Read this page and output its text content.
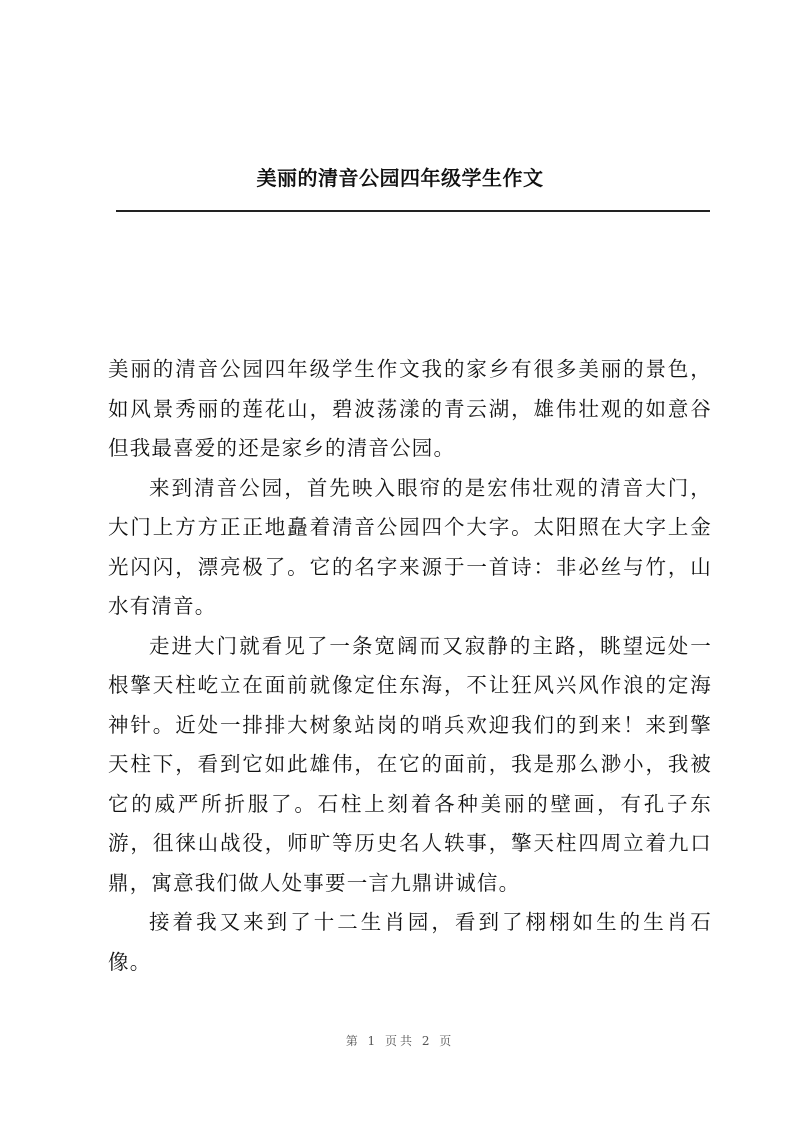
美丽的清音公园四年级学生作文

美丽的清音公园四年级学生作文我的家乡有很多美丽的景色，如风景秀丽的莲花山，碧波荡漾的青云湖，雄伟壮观的如意谷但我最喜爱的还是家乡的清音公园。

来到清音公园，首先映入眼帘的是宏伟壮观的清音大门，大门上方方正正地矗着清音公园四个大字。太阳照在大字上金光闪闪，漂亮极了。它的名字来源于一首诗：非必丝与竹，山水有清音。

走进大门就看见了一条宽阔而又寂静的主路，眺望远处一根擎天柱屹立在面前就像定住东海，不让狂风兴风作浪的定海神针。近处一排排大树象站岗的哨兵欢迎我们的到来！来到擎天柱下，看到它如此雄伟，在它的面前，我是那么渺小，我被它的威严所折服了。石柱上刻着各种美丽的壁画，有孔子东游，徂徕山战役，师旷等历史名人轶事，擎天柱四周立着九口鼎，寓意我们做人处事要一言九鼎讲诚信。

接着我又来到了十二生肖园，看到了栩栩如生的生肖石像。

第 1 页共 2 页
